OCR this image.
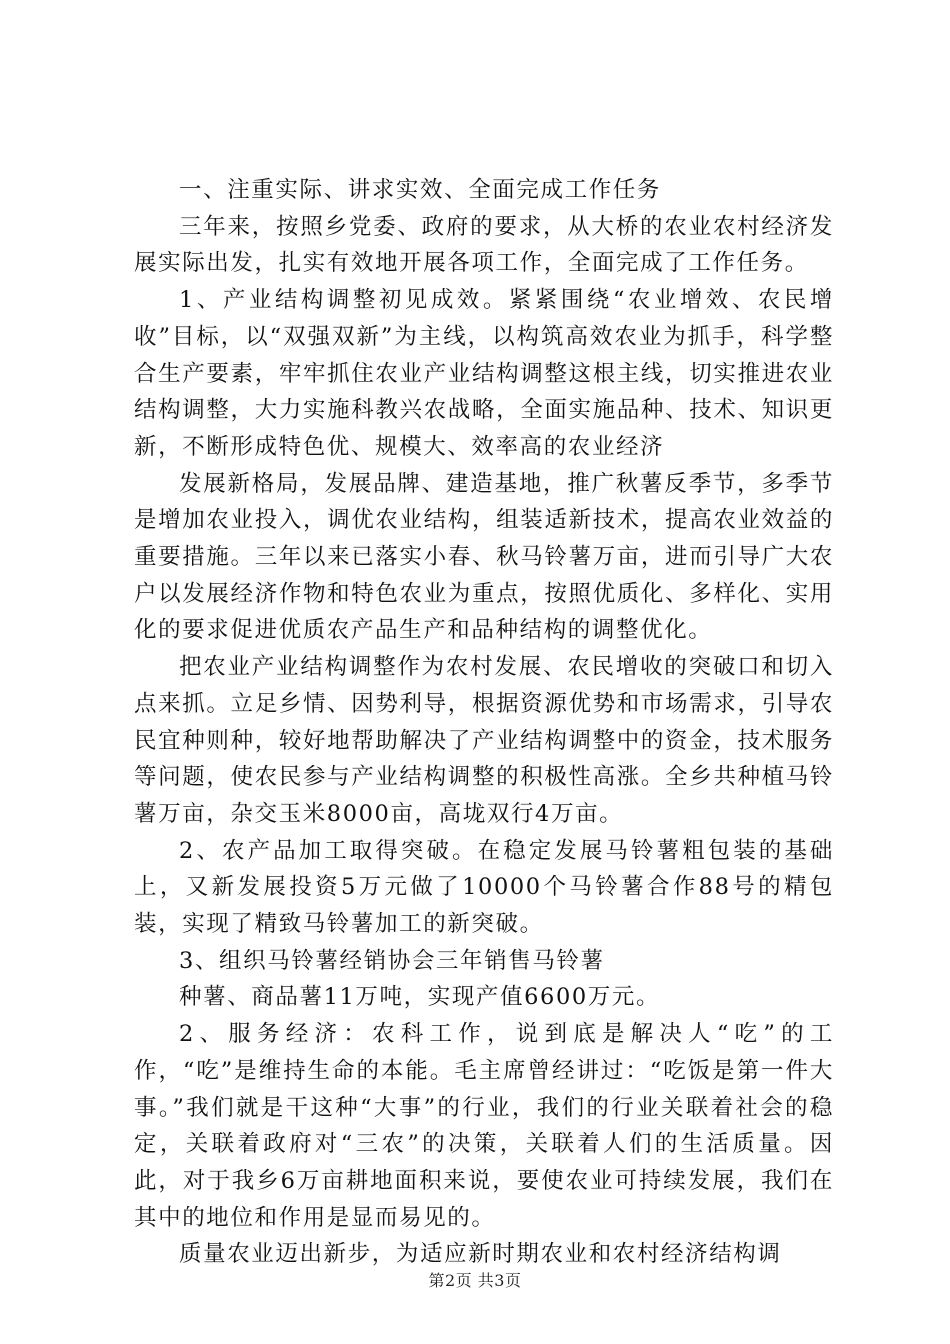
一、注重实际、讲求实效、全面完成工作任务

三年来，按照乡党委、政府的要求，从大桥的农业农村经济发展实际出发，扎实有效地开展各项工作，全面完成了工作任务。

1、产业结构调整初见成效。紧紧围绕“农业增效、农民增收”目标，以“双强双新”为主线，以构筑高效农业为抓手，科学整合生产要素，牢牢抓住农业产业结构调整这根主线，切实推进农业结构调整，大力实施科教兴农战略，全面实施品种、技术、知识更新，不断形成特色优、规模大、效率高的农业经济

发展新格局，发展品牌、建造基地，推广秋薯反季节，多季节是增加农业投入，调优农业结构，组装适新技术，提高农业效益的重要措施。三年以来已落实小春、秋马铃薯万亩，进而引导广大农户以发展经济作物和特色农业为重点，按照优质化、多样化、实用化的要求促进优质农产品生产和品种结构的调整优化。

把农业产业结构调整作为农村发展、农民增收的突破口和切入点来抓。立足乡情、因势利导，根据资源优势和市场需求，引导农民宜种则种，较好地帮助解决了产业结构调整中的资金，技术服务等问题，使农民参与产业结构调整的积极性高涨。全乡共种植马铃薯万亩，杂交玉米8000亩，高垅双行4万亩。

2、农产品加工取得突破。在稳定发展马铃薯粗包装的基础上，又新发展投资5万元做了10000个马铃薯合作88号的精包装，实现了精致马铃薯加工的新突破。

3、组织马铃薯经销协会三年销售马铃薯

种薯、商品薯11万吨，实现产值6600万元。

2、服务经济：农科工作，说到底是解决人“吃”的工作，“吃”是维持生命的本能。毛主席曾经讲过：“吃饭是第一件大事。”我们就是干这种“大事”的行业，我们的行业关联着社会的稳定，关联着政府对“三农”的决策，关联着人们的生活质量。因此，对于我乡6万亩耕地面积来说，要使农业可持续发展，我们在其中的地位和作用是显而易见的。

质量农业迈出新步，为适应新时期农业和农村经济结构调

第2页 共3页
